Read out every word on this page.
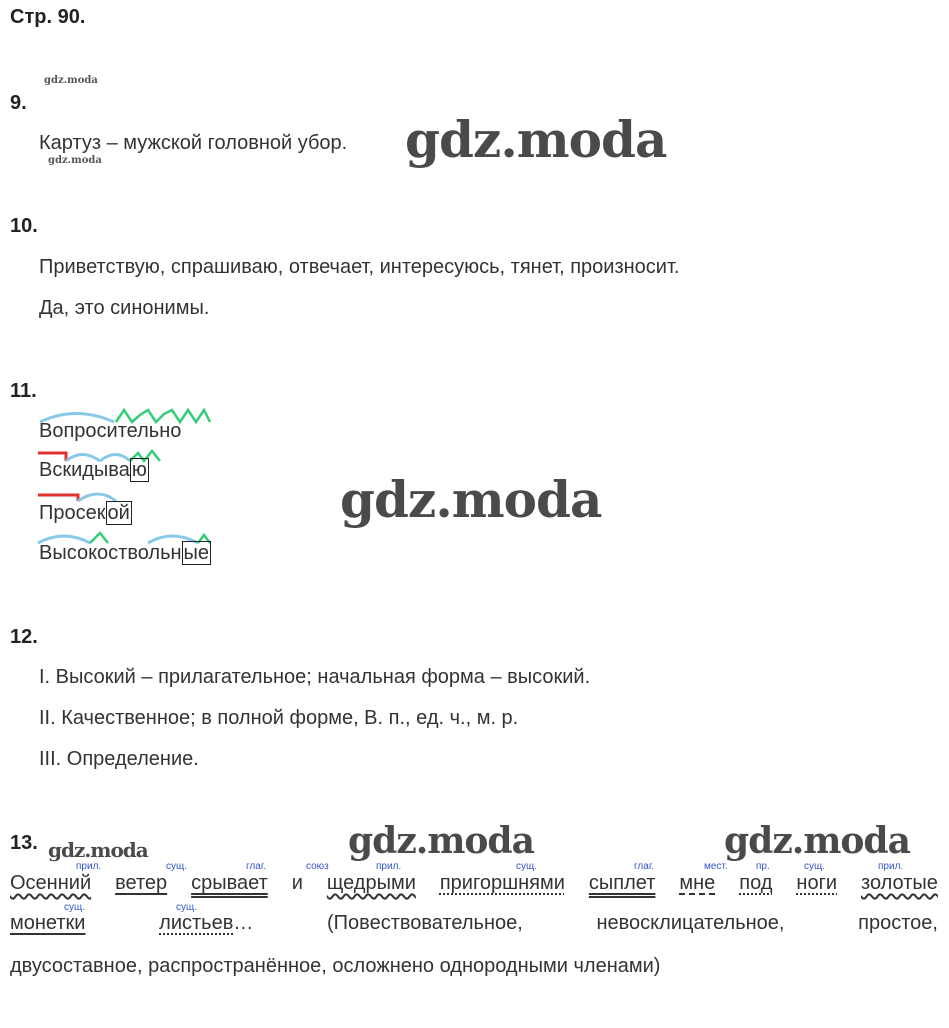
Стр. 90.
gdz.moda
9.
Картуз – мужской головной убор.
gdz.moda	gdz.moda
10.
Приветствую, спрашиваю, отвечает, интересуюсь, тянет, произносит.
Да, это синонимы.
11.
Вопросительно
Вскидыва ю
Просек ой
Высокоствольн ые
gdz.moda
12.
I. Высокий – прилагательное; начальная форма – высокий.
II. Качественное; в полной форме, В. п., ед. ч., м. р.
III. Определение.
13. gdz.moda	gdz.moda	gdz.moda
прил.	сущ.	глаг.	союз	прил.	сущ.	глаг.	мест.	пр.	сущ.	прил.
Осенний ветер срывает и щедрыми пригоршнями сыплет мне под ноги золотые
сущ.	сущ.
монетки	листьев…	(Повествовательное,	невосклицательное,	простое,
двусоставное, распространённое, осложнено однородными членами)
